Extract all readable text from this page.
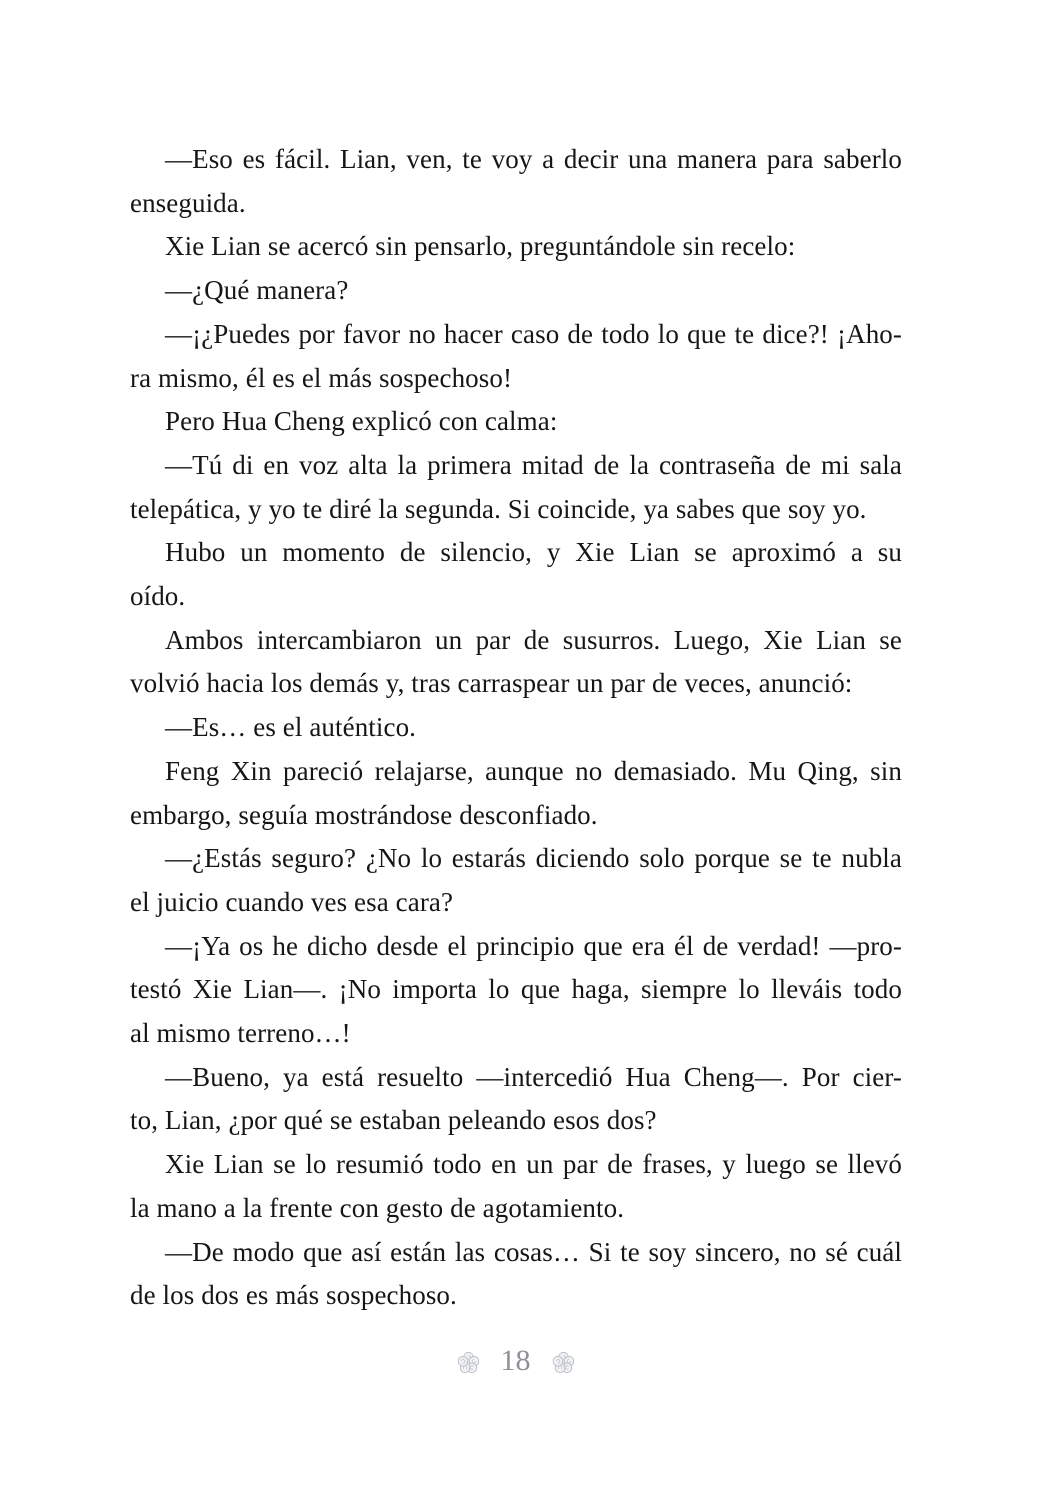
—Eso es fácil. Lian, ven, te voy a decir una manera para saberlo
enseguida.

Xie Lian se acercó sin pensarlo, preguntándole sin recelo:

—¿Qué manera?

—¡¿Puedes por favor no hacer caso de todo lo que te dice?! ¡Aho-
ra mismo, él es el más sospechoso!

Pero Hua Cheng explicó con calma:

—Tú di en voz alta la primera mitad de la contraseña de mi sala
telepática, y yo te diré la segunda. Si coincide, ya sabes que soy yo.

Hubo un momento de silencio, y Xie Lian se aproximó a su
oído.

Ambos intercambiaron un par de susurros. Luego, Xie Lian se
volvió hacia los demás y, tras carraspear un par de veces, anunció:

—Es… es el auténtico.

Feng Xin pareció relajarse, aunque no demasiado. Mu Qing, sin
embargo, seguía mostrándose desconfiado.

—¿Estás seguro? ¿No lo estarás diciendo solo porque se te nubla
el juicio cuando ves esa cara?

—¡Ya os he dicho desde el principio que era él de verdad! —pro-
testó Xie Lian—. ¡No importa lo que haga, siempre lo lleváis todo
al mismo terreno…!

—Bueno, ya está resuelto —intercedió Hua Cheng—. Por cier-
to, Lian, ¿por qué se estaban peleando esos dos?

Xie Lian se lo resumió todo en un par de frases, y luego se llevó
la mano a la frente con gesto de agotamiento.

—De modo que así están las cosas… Si te soy sincero, no sé cuál
de los dos es más sospechoso.

18
